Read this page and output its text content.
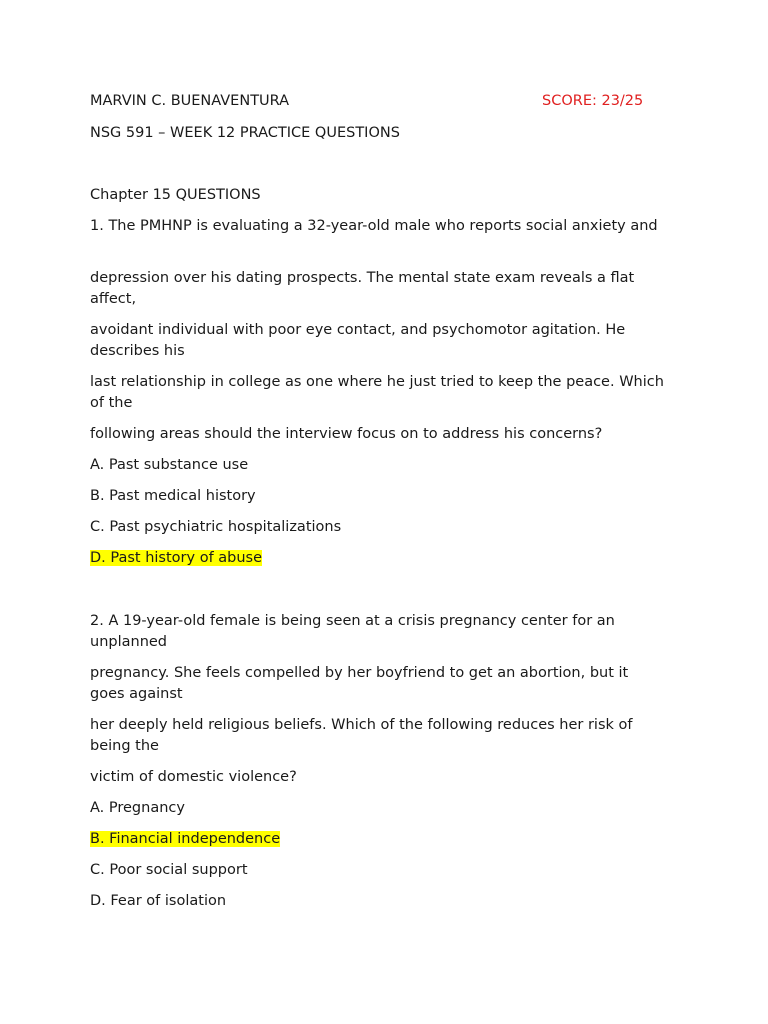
MARVIN C. BUENAVENTURA	SCORE: 23/25
NSG 591 – WEEK 12 PRACTICE QUESTIONS
Chapter 15 QUESTIONS
1. The PMHNP is evaluating a 32-year-old male who reports social anxiety and
depression over his dating prospects. The mental state exam reveals a flat affect,
avoidant individual with poor eye contact, and psychomotor agitation. He describes his
last relationship in college as one where he just tried to keep the peace. Which of the
following areas should the interview focus on to address his concerns?
A. Past substance use
B. Past medical history
C. Past psychiatric hospitalizations
D. Past history of abuse
2. A 19-year-old female is being seen at a crisis pregnancy center for an unplanned
pregnancy. She feels compelled by her boyfriend to get an abortion, but it goes against
her deeply held religious beliefs. Which of the following reduces her risk of being the
victim of domestic violence?
A. Pregnancy
B. Financial independence
C. Poor social support
D. Fear of isolation
